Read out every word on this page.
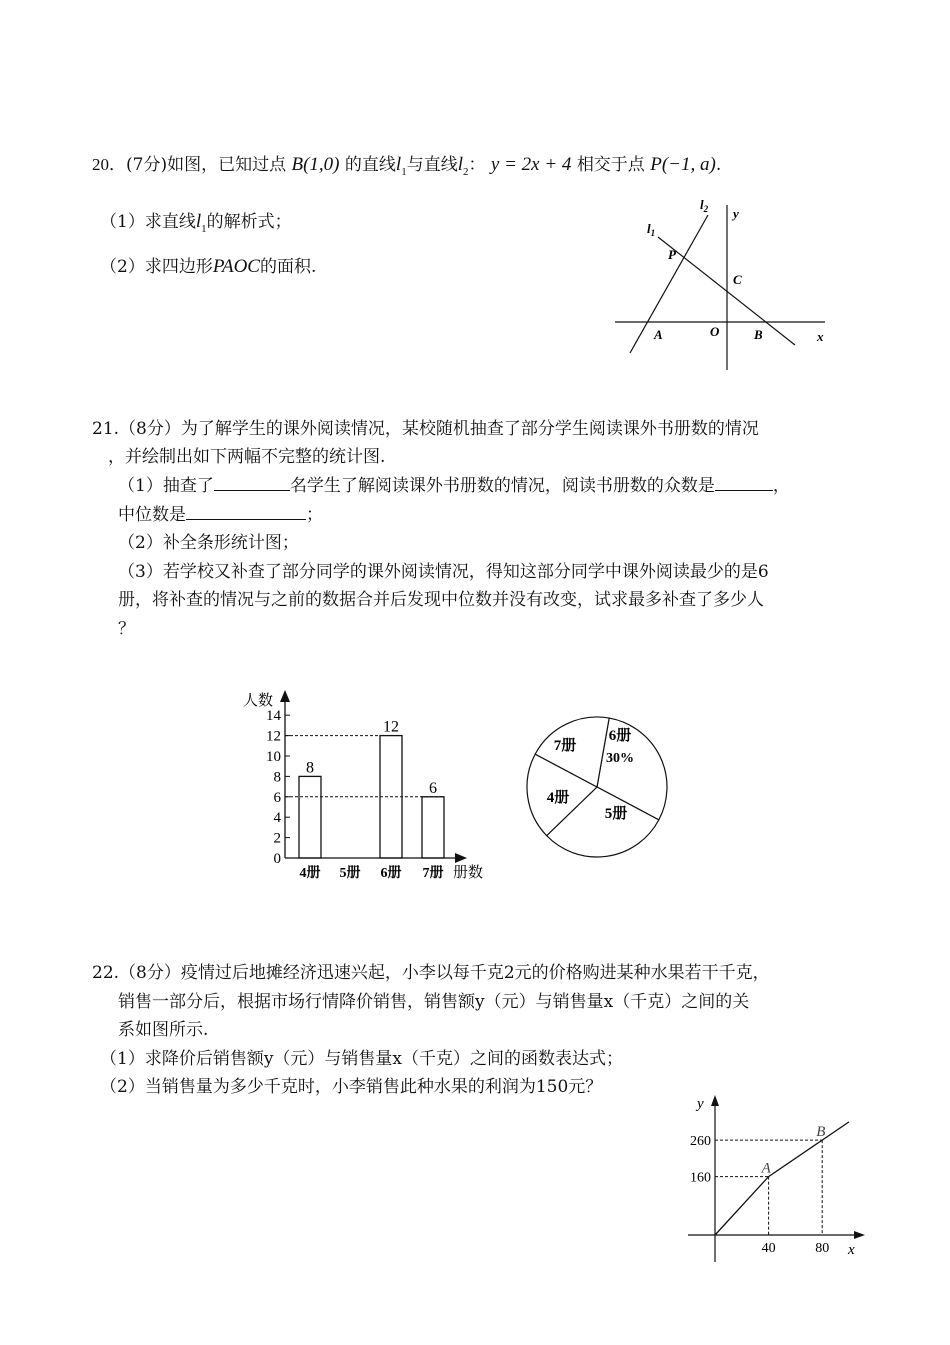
20．(7分)如图，已知过点 B(1,0) 的直线$l_1$与直线$l_2$： y = 2x + 4 相交于点 P(−1, a).
（1）求直线$l_1$的解析式；
（2）求四边形PAOC的面积.
$l_2$ y
$l_1$
P
C
A	O	B	x
21.（8分）为了解学生的课外阅读情况，某校随机抽查了部分学生阅读课外书册数的情况
，并绘制出如下两幅不完整的统计图.
（1）抽查了	名学生了解阅读课外书册数的情况，阅读书册数的众数是	，
中位数是	；
（2）补全条形统计图；
（3）若学校又补查了部分同学的课外阅读情况，得知这部分同学中课外阅读最少的是6
册，将补查的情况与之前的数据合并后发现中位数并没有改变，试求最多补查了多少人
？
8
12
6
0
2
4
6
8
10
12
14
4册 5册 6册 7册
人数
册数
6册
30%
5册
4册
7册
22.（8分）疫情过后地摊经济迅速兴起，小李以每千克2元的价格购进某种水果若干千克，
销售一部分后，根据市场行情降价销售，销售额y（元）与销售量x（千克）之间的关
系如图所示.
（1）求降价后销售额y（元）与销售量x（千克）之间的函数表达式；
（2）当销售量为多少千克时，小李销售此种水果的利润为150元？
y
x
260
160
40	80
A
B
